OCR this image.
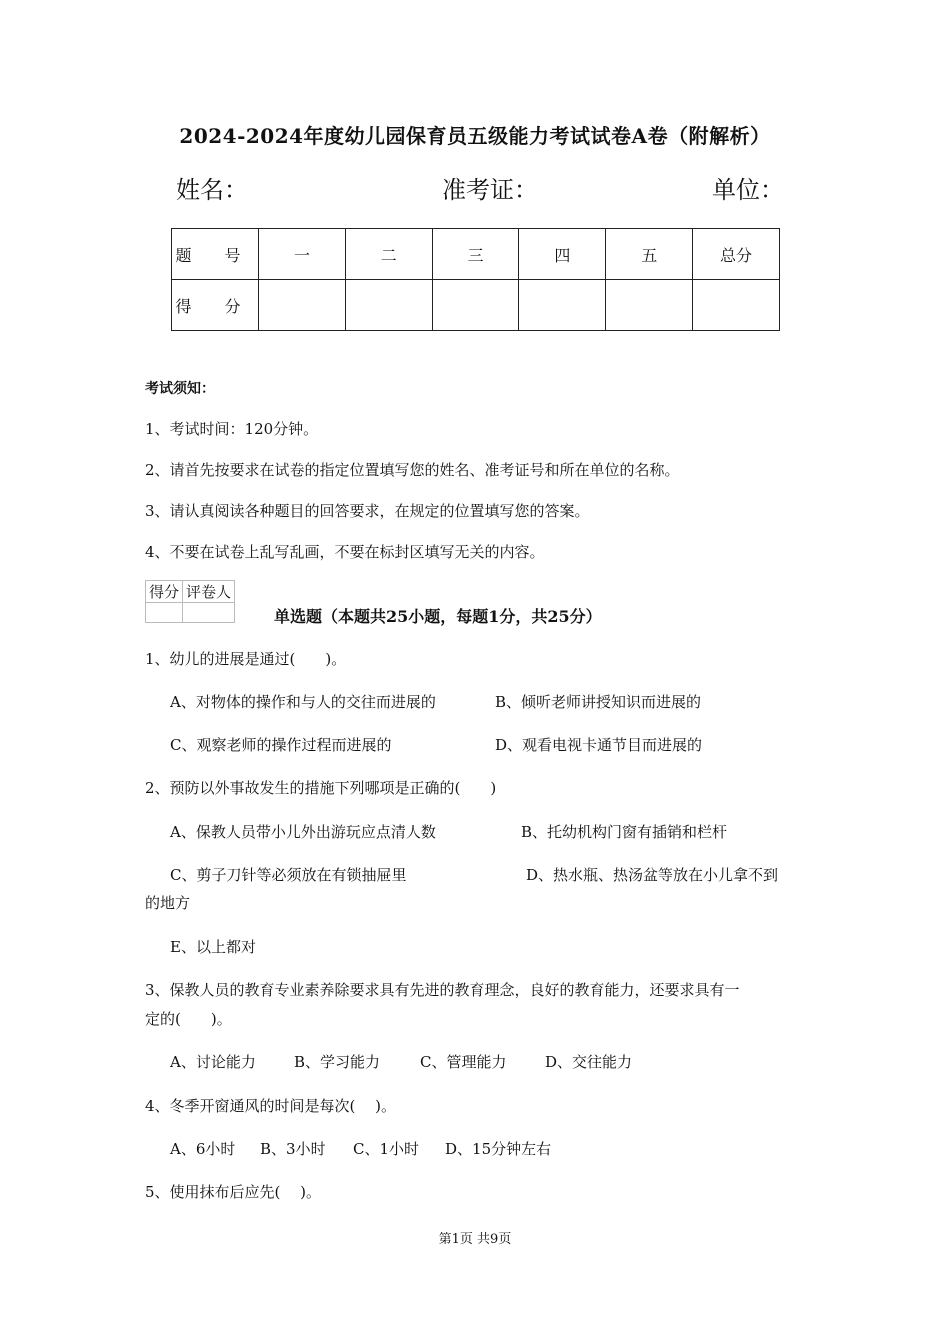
2024-2024年度幼儿园保育员五级能力考试试卷A卷（附解析）
姓名：	准考证：	单位：
题 号	一	二	三	四	五	总分
得 分						
考试须知：
1、考试时间：120分钟。
2、请首先按要求在试卷的指定位置填写您的姓名、准考证号和所在单位的名称。
3、请认真阅读各种题目的回答要求，在规定的位置填写您的答案。
4、不要在试卷上乱写乱画，不要在标封区填写无关的内容。
得分	评卷人

单选题（本题共25小题，每题1分，共25分）
1、幼儿的进展是通过(　　)。
A、对物体的操作和与人的交往而进展的	B、倾听老师讲授知识而进展的
C、观察老师的操作过程而进展的	D、观看电视卡通节目而进展的
2、预防以外事故发生的措施下列哪项是正确的(　　)
A、保教人员带小儿外出游玩应点清人数	B、托幼机构门窗有插销和栏杆
C、剪子刀针等必须放在有锁抽屉里	D、热水瓶、热汤盆等放在小儿拿不到
的地方
E、以上都对
3、保教人员的教育专业素养除要求具有先进的教育理念，良好的教育能力，还要求具有一
定的(　　)。
A、讨论能力	B、学习能力	C、管理能力	D、交往能力
4、冬季开窗通风的时间是每次(　 )。
A、6小时 B、3小时 C、1小时 D、15分钟左右
5、使用抹布后应先(　 )。
第1页 共9页
